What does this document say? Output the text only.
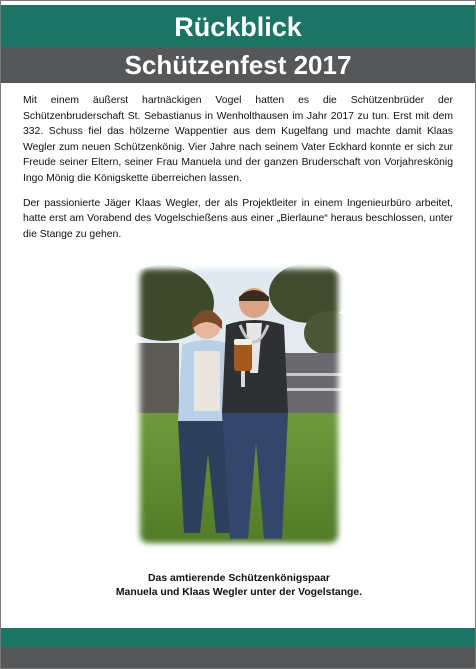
Rückblick
Schützenfest 2017

Mit einem äußerst hartnäckigen Vogel hatten es die Schützenbrüder der Schützenbruderschaft St. Sebastianus in Wenholthausen im Jahr 2017 zu tun. Erst mit dem 332. Schuss fiel das hölzerne Wappentier aus dem Kugelfang und machte damit Klaas Wegler zum neuen Schützenkönig. Vier Jahre nach seinem Vater Eckhard konnte er sich zur Freude seiner Eltern, seiner Frau Manuela und der ganzen Bruderschaft von Vorjahreskönig Ingo Mönig die Königskette überreichen lassen.

Der passionierte Jäger Klaas Wegler, der als Projektleiter in einem Ingenieurbüro arbeitet, hatte erst am Vorabend des Vogelschießens aus einer „Bierlaune“ heraus beschlossen, unter die Stange zu gehen.

Das amtierende Schützenkönigspaar
Manuela und Klaas Wegler unter der Vogelstange.
